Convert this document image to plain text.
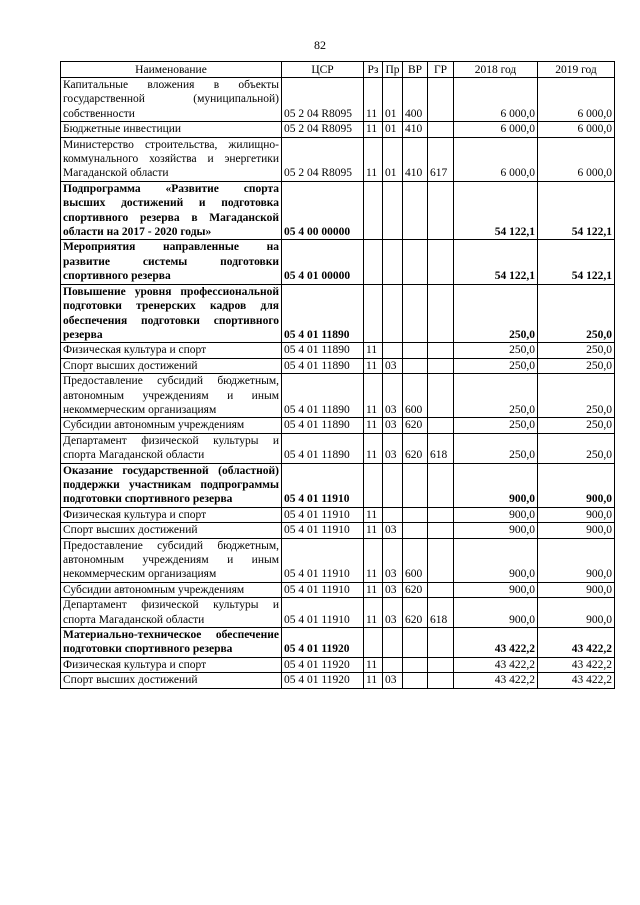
82
Наименование	ЦСР	Рз	Пр	ВР	ГР	2018 год	2019 год
Капитальные вложения в объекты государственной (муниципальной) собственности	05 2 04 R8095	11	01	400		6 000,0	6 000,0
Бюджетные инвестиции	05 2 04 R8095	11	01	410		6 000,0	6 000,0
Министерство строительства, жилищно-коммунального хозяйства и энергетики Магаданской области	05 2 04 R8095	11	01	410	617	6 000,0	6 000,0
Подпрограмма «Развитие спорта высших достижений и подготовка спортивного резерва в Магаданской области на 2017 - 2020 годы»	05 4 00 00000					54 122,1	54 122,1
Мероприятия направленные на развитие системы подготовки спортивного резерва	05 4 01 00000					54 122,1	54 122,1
Повышение уровня профессиональной подготовки тренерских кадров для обеспечения подготовки спортивного резерва	05 4 01 11890					250,0	250,0
Физическая культура и спорт	05 4 01 11890	11				250,0	250,0
Спорт высших достижений	05 4 01 11890	11	03			250,0	250,0
Предоставление субсидий бюджетным, автономным учреждениям и иным некоммерческим организациям	05 4 01 11890	11	03	600		250,0	250,0
Субсидии автономным учреждениям	05 4 01 11890	11	03	620		250,0	250,0
Департамент физической культуры и спорта Магаданской области	05 4 01 11890	11	03	620	618	250,0	250,0
Оказание государственной (областной) поддержки участникам подпрограммы подготовки спортивного резерва	05 4 01 11910					900,0	900,0
Физическая культура и спорт	05 4 01 11910	11				900,0	900,0
Спорт высших достижений	05 4 01 11910	11	03			900,0	900,0
Предоставление субсидий бюджетным, автономным учреждениям и иным некоммерческим организациям	05 4 01 11910	11	03	600		900,0	900,0
Субсидии автономным учреждениям	05 4 01 11910	11	03	620		900,0	900,0
Департамент физической культуры и спорта Магаданской области	05 4 01 11910	11	03	620	618	900,0	900,0
Материально-техническое обеспечение подготовки спортивного резерва	05 4 01 11920					43 422,2	43 422,2
Физическая культура и спорт	05 4 01 11920	11				43 422,2	43 422,2
Спорт высших достижений	05 4 01 11920	11	03			43 422,2	43 422,2
